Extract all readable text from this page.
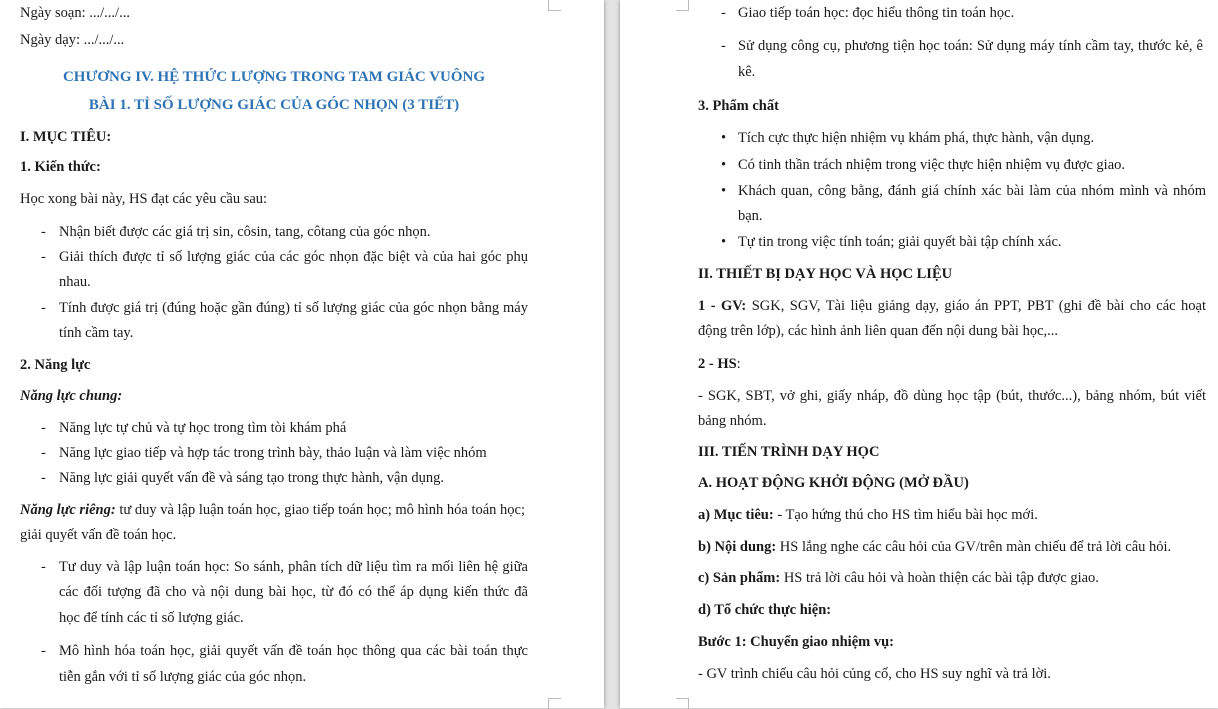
Ngày soạn: .../.../...
Ngày dạy: .../.../...
CHƯƠNG IV. HỆ THỨC LƯỢNG TRONG TAM GIÁC VUÔNG
BÀI 1. TỈ SỐ LƯỢNG GIÁC CỦA GÓC NHỌN (3 TIẾT)
I. MỤC TIÊU:
1. Kiến thức:
Học xong bài này, HS đạt các yêu cầu sau:
- Nhận biết được các giá trị sin, côsin, tang, côtang của góc nhọn.
- Giải thích được tỉ số lượng giác của các góc nhọn đặc biệt và của hai góc phụ
nhau.
- Tính được giá trị (đúng hoặc gần đúng) tỉ số lượng giác của góc nhọn bằng máy
tính cầm tay.
2. Năng lực
Năng lực chung:
- Năng lực tự chủ và tự học trong tìm tòi khám phá
- Năng lực giao tiếp và hợp tác trong trình bày, thảo luận và làm việc nhóm
- Năng lực giải quyết vấn đề và sáng tạo trong thực hành, vận dụng.
Năng lực riêng: tư duy và lập luận toán học, giao tiếp toán học; mô hình hóa toán học;
giải quyết vấn đề toán học.
- Tư duy và lập luận toán học: So sánh, phân tích dữ liệu tìm ra mối liên hệ giữa
các đối tượng đã cho và nội dung bài học, từ đó có thể áp dụng kiến thức đã
học để tính các tỉ số lượng giác.
- Mô hình hóa toán học, giải quyết vấn đề toán học thông qua các bài toán thực
tiễn gắn với tỉ số lượng giác của góc nhọn.
- Giao tiếp toán học: đọc hiểu thông tin toán học.
- Sử dụng công cụ, phương tiện học toán: Sử dụng máy tính cầm tay, thước kẻ, ê
kê.
3. Phẩm chất
• Tích cực thực hiện nhiệm vụ khám phá, thực hành, vận dụng.
• Có tinh thần trách nhiệm trong việc thực hiện nhiệm vụ được giao.
• Khách quan, công bằng, đánh giá chính xác bài làm của nhóm mình và nhóm
bạn.
• Tự tin trong việc tính toán; giải quyết bài tập chính xác.
II. THIẾT BỊ DẠY HỌC VÀ HỌC LIỆU
1 - GV: SGK, SGV, Tài liệu giảng dạy, giáo án PPT, PBT (ghi đề bài cho các hoạt
động trên lớp), các hình ảnh liên quan đến nội dung bài học,...
2 - HS:
- SGK, SBT, vở ghi, giấy nháp, đồ dùng học tập (bút, thước...), bảng nhóm, bút viết
bảng nhóm.
III. TIẾN TRÌNH DẠY HỌC
A. HOẠT ĐỘNG KHỞI ĐỘNG (MỞ ĐẦU)
a) Mục tiêu: - Tạo hứng thú cho HS tìm hiểu bài học mới.
b) Nội dung: HS lắng nghe các câu hỏi của GV/trên màn chiếu để trả lời câu hỏi.
c) Sản phẩm: HS trả lời câu hỏi và hoàn thiện các bài tập được giao.
d) Tổ chức thực hiện:
Bước 1: Chuyển giao nhiệm vụ:
- GV trình chiếu câu hỏi củng cố, cho HS suy nghĩ và trả lời.
